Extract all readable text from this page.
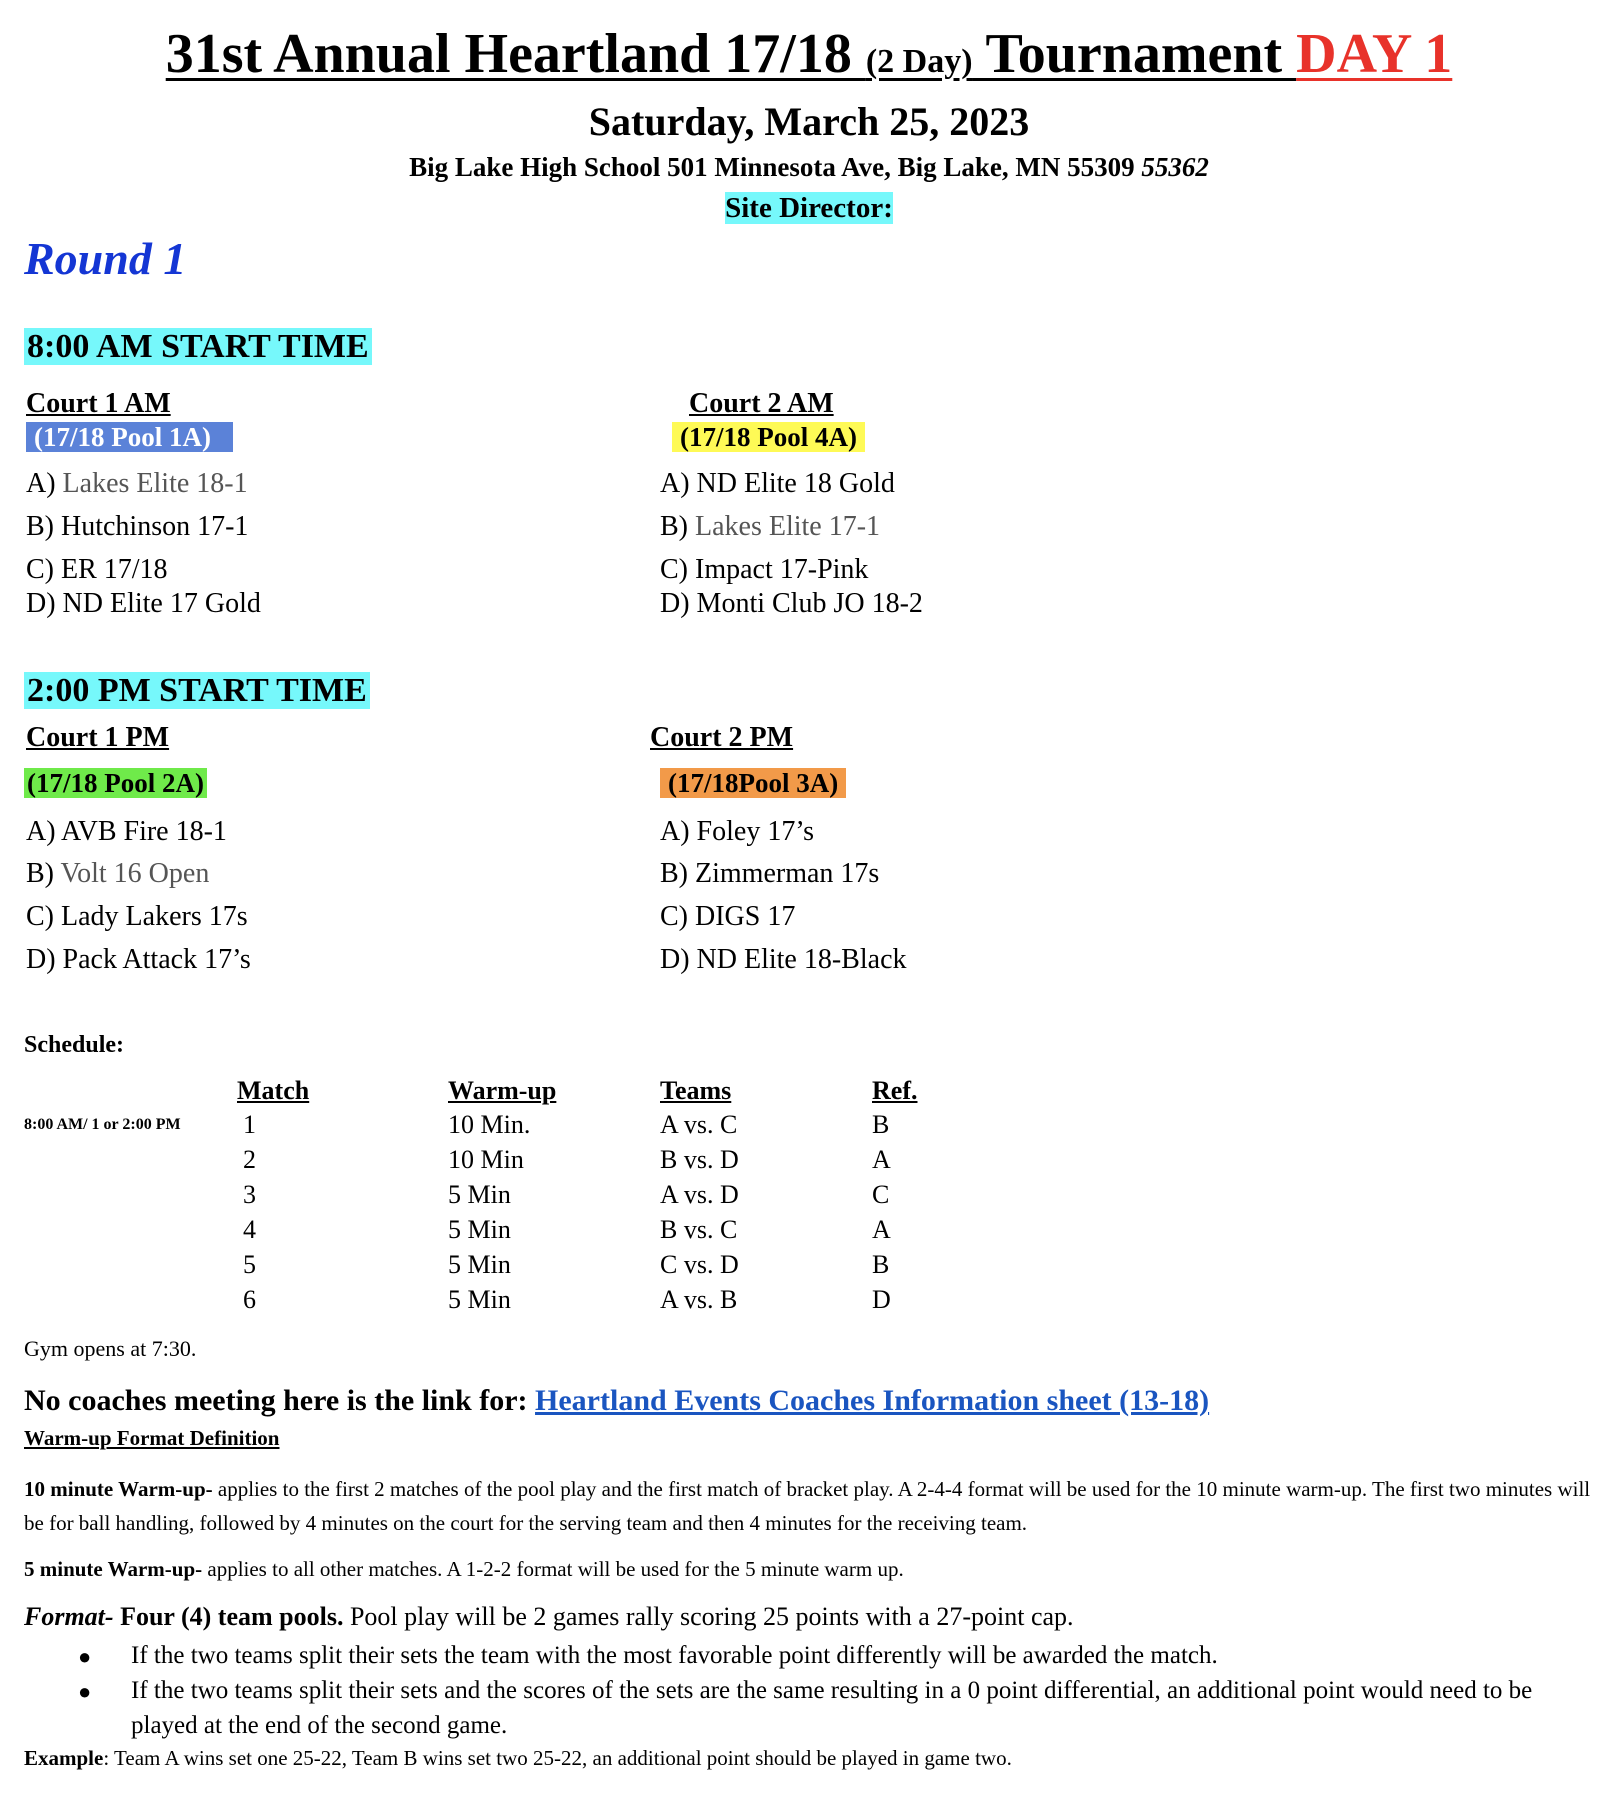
31st Annual Heartland 17/18 (2 Day) Tournament DAY 1
Saturday, March 25, 2023
Big Lake High School 501 Minnesota Ave, Big Lake, MN 55309 55362
Site Director:
Round 1
8:00 AM START TIME
Court 1 AM
(17/18 Pool 1A)
A) Lakes Elite 18-1
B) Hutchinson 17-1
C) ER 17/18
D) ND Elite 17 Gold
Court 2 AM
(17/18 Pool 4A)
A) ND Elite 18 Gold
B) Lakes Elite 17-1
C) Impact 17-Pink
D) Monti Club JO 18-2
2:00 PM START TIME
Court 1 PM
(17/18 Pool 2A)
A) AVB Fire 18-1
B) Volt 16 Open
C) Lady Lakers 17s
D) Pack Attack 17’s
Court 2 PM
(17/18Pool 3A)
A) Foley 17’s
B) Zimmerman 17s
C) DIGS 17
D) ND Elite 18-Black
Schedule:
8:00 AM/ 1 or 2:00 PM
Match	Warm-up	Teams	Ref.
1	10 Min.	A vs. C	B
2	10 Min	B vs. D	A
3	5 Min	A vs. D	C
4	5 Min	B vs. C	A
5	5 Min	C vs. D	B
6	5 Min	A vs. B	D
Gym opens at 7:30.
No coaches meeting here is the link for: Heartland Events Coaches Information sheet (13-18)
Warm-up Format Definition
10 minute Warm-up- applies to the first 2 matches of the pool play and the first match of bracket play. A 2-4-4 format will be used for the 10 minute warm-up. The first two minutes will be for ball handling, followed by 4 minutes on the court for the serving team and then 4 minutes for the receiving team.
5 minute Warm-up- applies to all other matches. A 1-2-2 format will be used for the 5 minute warm up.
Format- Four (4) team pools. Pool play will be 2 games rally scoring 25 points with a 27-point cap.
● If the two teams split their sets the team with the most favorable point differently will be awarded the match.
● If the two teams split their sets and the scores of the sets are the same resulting in a 0 point differential, an additional point would need to be played at the end of the second game.
Example: Team A wins set one 25-22, Team B wins set two 25-22, an additional point should be played in game two.
